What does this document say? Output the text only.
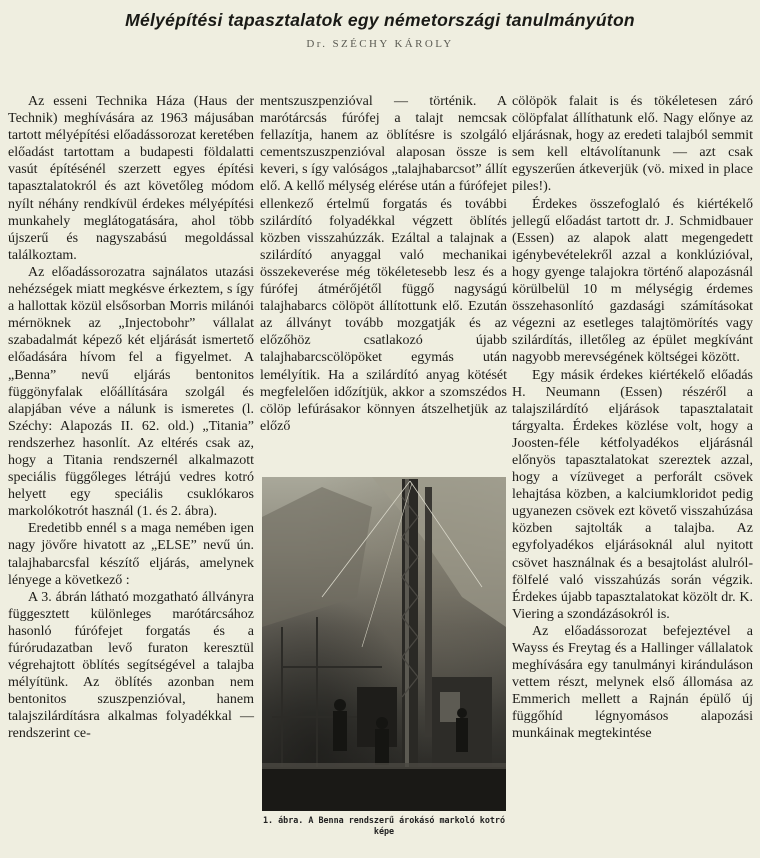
Mélyépítési tapasztalatok egy németországi tanulmányúton
Dr. SZÉCHY KÁROLY

Az esseni Technika Háza (Haus der Technik) meghívására az 1963 májusában tartott mélyépítési előadássorozat keretében előadást tartottam a budapesti földalatti vasút építésénél szerzett egyes építési tapasztalatokról és azt követőleg módom nyílt néhány rendkívül érdekes mélyépítési munkahely meglátogatására, ahol több újszerű és nagyszabású megoldással találkoztam.

Az előadássorozatra sajnálatos utazási nehézségek miatt megkésve érkeztem, s így a hallottak közül elsősorban Morris milánói mérnöknek az „Injectobohr” vállalat szabadalmát képező két eljárását ismertető előadására hívom fel a figyelmet. A „Benna” nevű eljárás bentonitos függönyfalak előállítására szolgál és alapjában véve a nálunk is ismeretes (l. Széchy: Alapozás II. 62. old.) „Titania” rendszerhez hasonlít. Az eltérés csak az, hogy a Titania rendszernél alkalmazott speciális függőleges létrájú vedres kotró helyett egy speciális csuklókaros markolókotrót használ (1. és 2. ábra).

Eredetibb ennél s a maga nemében igen nagy jövőre hivatott az „ELSE” nevű ún. talajhabarcsfal készítő eljárás, amelynek lényege a következő :

A 3. ábrán látható mozgatható állványra függesztett különleges marótárcsához hasonló fúrófejet forgatás és a fúrórudazatban levő furaton keresztül végrehajtott öblítés segítségével a talajba mélyítünk. Az öblítés azonban nem bentonitos szuszpenzióval, hanem talajszilárdításra alkalmas folyadékkal — rendszerint ce-

mentszuszpenzióval — történik. A marótárcsás fúrófej a talajt nemcsak fellazítja, hanem az öblítésre is szolgáló cementszuszpenzióval alaposan össze is keveri, s így valóságos „talajhabarcsot” állít elő. A kellő mélység elérése után a fúrófejet ellenkező értelmű forgatás és további szilárdító folyadékkal végzett öblítés közben visszahúzzák. Ezáltal a talajnak a szilárdító anyaggal való mechanikai összekeverése még tökéletesebb lesz és a fúrófej átmérőjétől függő nagyságú talajhabarcs cölöpöt állítottunk elő. Ezután az állványt tovább mozgatják és az előzőhöz csatlakozó újabb talajhabarcscölöpöket egymás után lemélyítik. Ha a szilárdító anyag kötését megfelelően időzítjük, akkor a szomszédos cölöp lefúrásakor könnyen átszelhetjük az előző

1. ábra. A Benna rendszerű árokásó markoló kotró képe

cölöpök falait is és tökéletesen záró cölöpfalat állíthatunk elő. Nagy előnye az eljárásnak, hogy az eredeti talajból semmit sem kell eltávolítanunk — azt csak egyszerűen átkeverjük (vö. mixed in place piles!).

Érdekes összefoglaló és kiértékelő jellegű előadást tartott dr. J. Schmidbauer (Essen) az alapok alatt megengedett igénybevételekről azzal a konklúzióval, hogy gyenge talajokra történő alapozásnál körülbelül 10 m mélységig érdemes összehasonlító gazdasági számításokat végezni az esetleges talajtömörítés vagy szilárdítás, illetőleg az épület megkívánt nagyobb merevségének költségei között.

Egy másik érdekes kiértékelő előadás H. Neumann (Essen) részéről a talajszilárdító eljárások tapasztalatait tárgyalta. Érdekes közlése volt, hogy a Joosten-féle kétfolyadékos eljárásnál előnyös tapasztalatokat szereztek azzal, hogy a vízüveget a perforált csövek lehajtása közben, a kalciumkloridot pedig ugyanezen csövek ezt követő visszahúzása közben sajtolták a talajba. Az egyfolyadékos eljárásoknál alul nyitott csövet használnak és a besajtolást alulról-fölfelé való visszahúzás során végzik. Érdekes újabb tapasztalatokat közölt dr. K. Viering a szondázásokról is.

Az előadássorozat befejeztével a Wayss és Freytag és a Hallinger vállalatok meghívására egy tanulmányi kiránduláson vettem részt, melynek első állomása az Emmerich mellett a Rajnán épülő új függőhíd légnyomásos alapozási munkáinak megtekintése
